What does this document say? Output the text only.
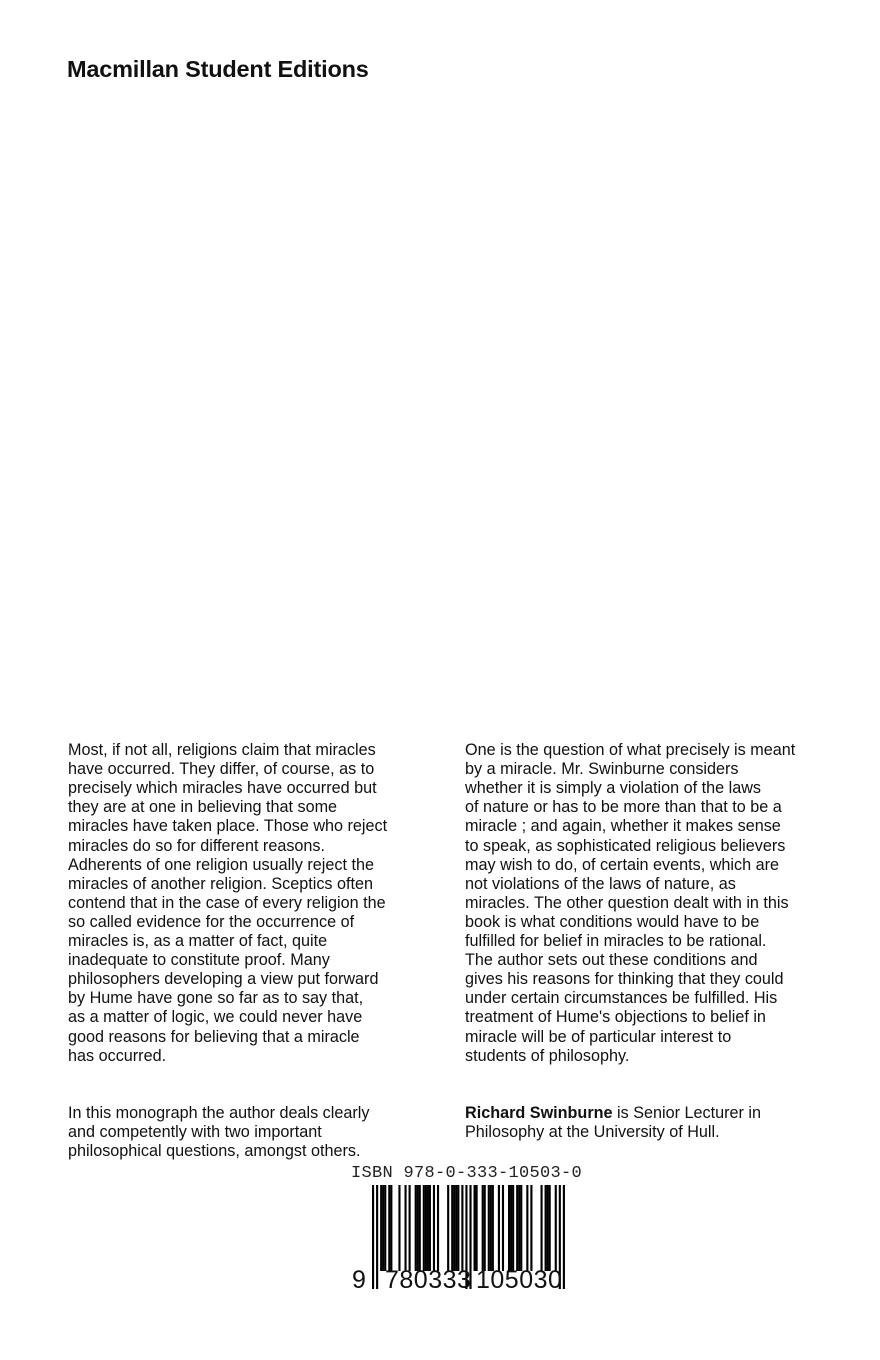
Macmillan Student Editions

Most, if not all, religions claim that miracles
have occurred. They differ, of course, as to
precisely which miracles have occurred but
they are at one in believing that some
miracles have taken place. Those who reject
miracles do so for different reasons.
Adherents of one religion usually reject the
miracles of another religion. Sceptics often
contend that in the case of every religion the
so called evidence for the occurrence of
miracles is, as a matter of fact, quite
inadequate to constitute proof. Many
philosophers developing a view put forward
by Hume have gone so far as to say that,
as a matter of logic, we could never have
good reasons for believing that a miracle
has occurred.

In this monograph the author deals clearly
and competently with two important
philosophical questions, amongst others.

One is the question of what precisely is meant
by a miracle. Mr. Swinburne considers
whether it is simply a violation of the laws
of nature or has to be more than that to be a
miracle ; and again, whether it makes sense
to speak, as sophisticated religious believers
may wish to do, of certain events, which are
not violations of the laws of nature, as
miracles. The other question dealt with in this
book is what conditions would have to be
fulfilled for belief in miracles to be rational.
The author sets out these conditions and
gives his reasons for thinking that they could
under certain circumstances be fulfilled. His
treatment of Hume's objections to belief in
miracle will be of particular interest to
students of philosophy.

Richard Swinburne is Senior Lecturer in
Philosophy at the University of Hull.

ISBN 978-0-333-10503-0
9 780333 105030
